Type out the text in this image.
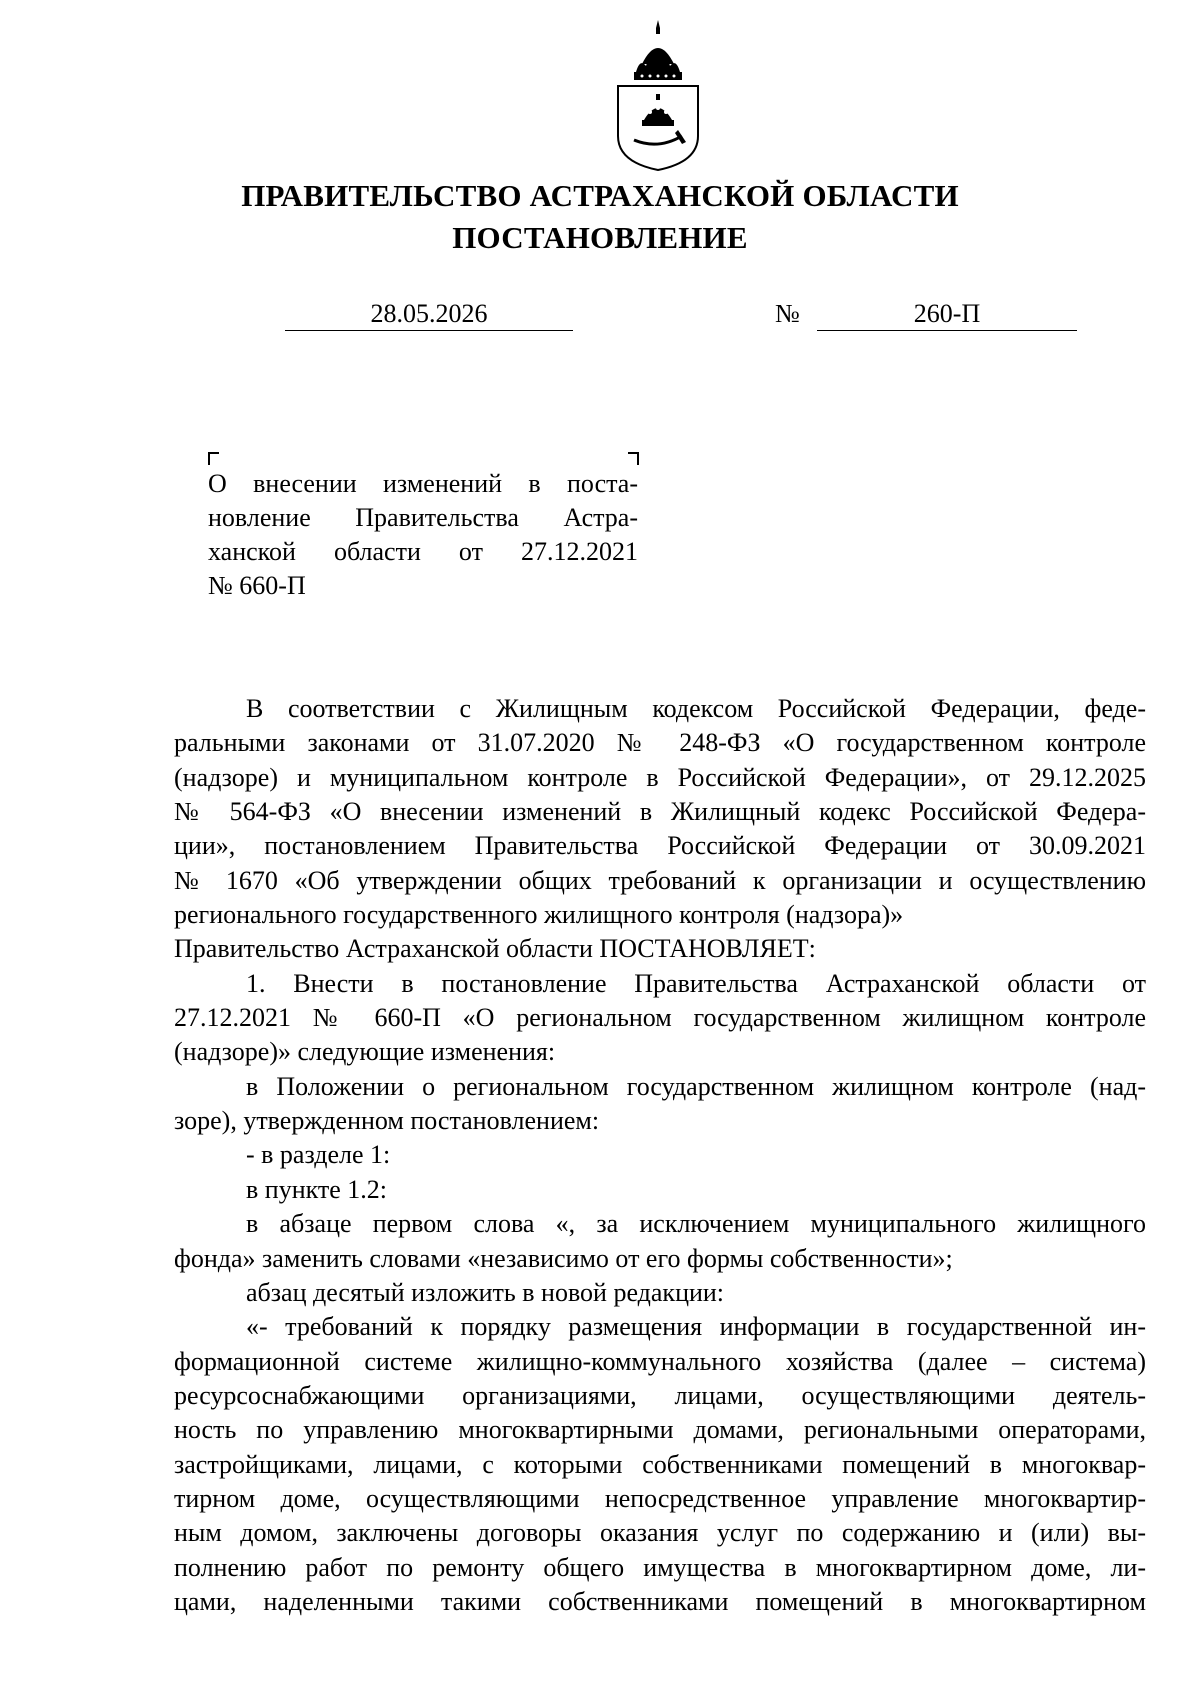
ПРАВИТЕЛЬСТВО АСТРАХАНСКОЙ ОБЛАСТИ
ПОСТАНОВЛЕНИЕ
28.05.2026	№	260-П
О внесении изменений в поста-
новление Правительства Астра-
ханской области от 27.12.2021
№ 660-П
В соответствии с Жилищным кодексом Российской Федерации, феде-
ральными законами от 31.07.2020 № 248-ФЗ «О государственном контроле
(надзоре) и муниципальном контроле в Российской Федерации», от 29.12.2025
№ 564-ФЗ «О внесении изменений в Жилищный кодекс Российской Федера-
ции», постановлением Правительства Российской Федерации от 30.09.2021
№ 1670 «Об утверждении общих требований к организации и осуществлению
регионального государственного жилищного контроля (надзора)»
Правительство Астраханской области ПОСТАНОВЛЯЕТ:
1. Внести в постановление Правительства Астраханской области от
27.12.2021 № 660-П «О региональном государственном жилищном контроле
(надзоре)» следующие изменения:
в Положении о региональном государственном жилищном контроле (над-
зоре), утвержденном постановлением:
- в разделе 1:
в пункте 1.2:
в абзаце первом слова «, за исключением муниципального жилищного
фонда» заменить словами «независимо от его формы собственности»;
абзац десятый изложить в новой редакции:
«- требований к порядку размещения информации в государственной ин-
формационной системе жилищно-коммунального хозяйства (далее – система)
ресурсоснабжающими организациями, лицами, осуществляющими деятель-
ность по управлению многоквартирными домами, региональными операторами,
застройщиками, лицами, с которыми собственниками помещений в многоквар-
тирном доме, осуществляющими непосредственное управление многоквартир-
ным домом, заключены договоры оказания услуг по содержанию и (или) вы-
полнению работ по ремонту общего имущества в многоквартирном доме, ли-
цами, наделенными такими собственниками помещений в многоквартирном
